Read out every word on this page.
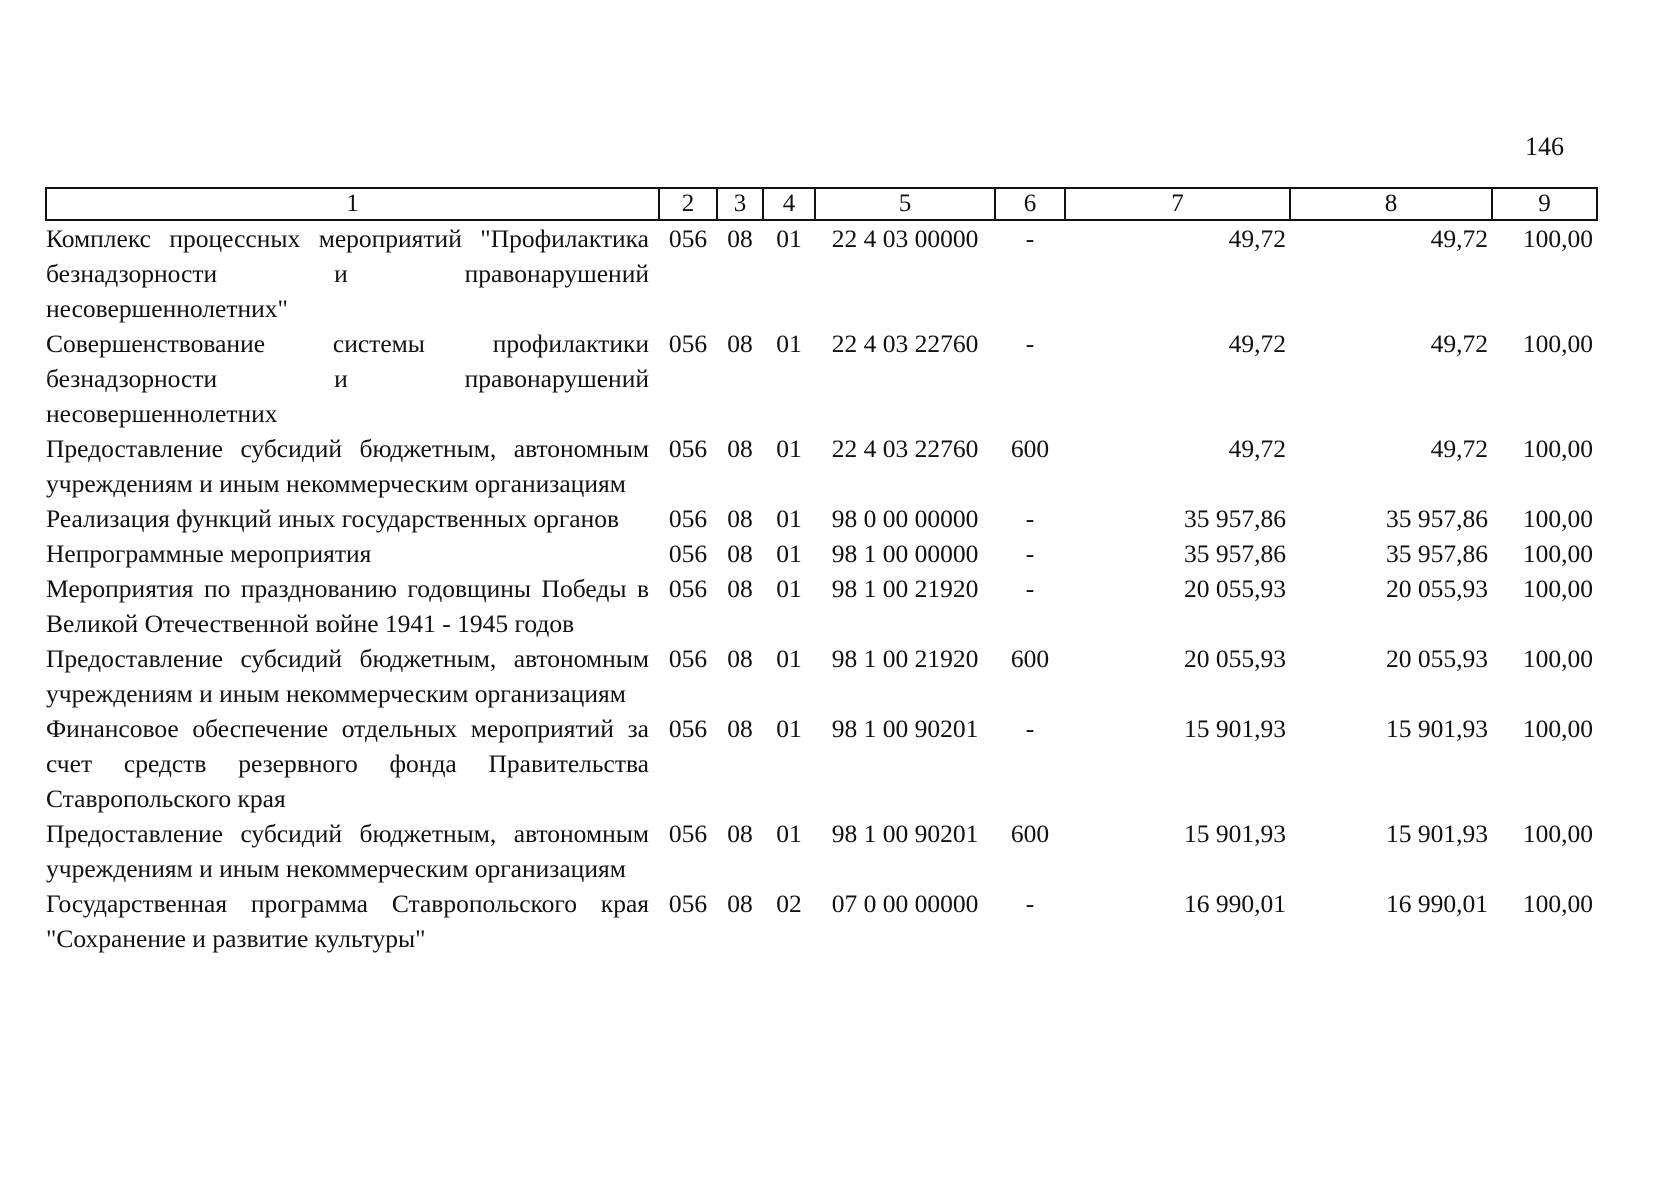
146
1	2	3	4	5	6	7	8	9
Комплекс процессных мероприятий "Профилактика безнадзорности и правонарушений несовершеннолетних"	056	08	01	22 4 03 00000	-	49,72	49,72	100,00
Совершенствование системы профилактики безнадзорности и правонарушений несовершеннолетних	056	08	01	22 4 03 22760	-	49,72	49,72	100,00
Предоставление субсидий бюджетным, автономным учреждениям и иным некоммерческим организациям	056	08	01	22 4 03 22760	600	49,72	49,72	100,00
Реализация функций иных государственных органов	056	08	01	98 0 00 00000	-	35 957,86	35 957,86	100,00
Непрограммные мероприятия	056	08	01	98 1 00 00000	-	35 957,86	35 957,86	100,00
Мероприятия по празднованию годовщины Победы в Великой Отечественной войне 1941 - 1945 годов	056	08	01	98 1 00 21920	-	20 055,93	20 055,93	100,00
Предоставление субсидий бюджетным, автономным учреждениям и иным некоммерческим организациям	056	08	01	98 1 00 21920	600	20 055,93	20 055,93	100,00
Финансовое обеспечение отдельных мероприятий за счет средств резервного фонда Правительства Ставропольского края	056	08	01	98 1 00 90201	-	15 901,93	15 901,93	100,00
Предоставление субсидий бюджетным, автономным учреждениям и иным некоммерческим организациям	056	08	01	98 1 00 90201	600	15 901,93	15 901,93	100,00
Государственная программа Ставропольского края "Сохранение и развитие культуры"	056	08	02	07 0 00 00000	-	16 990,01	16 990,01	100,00
